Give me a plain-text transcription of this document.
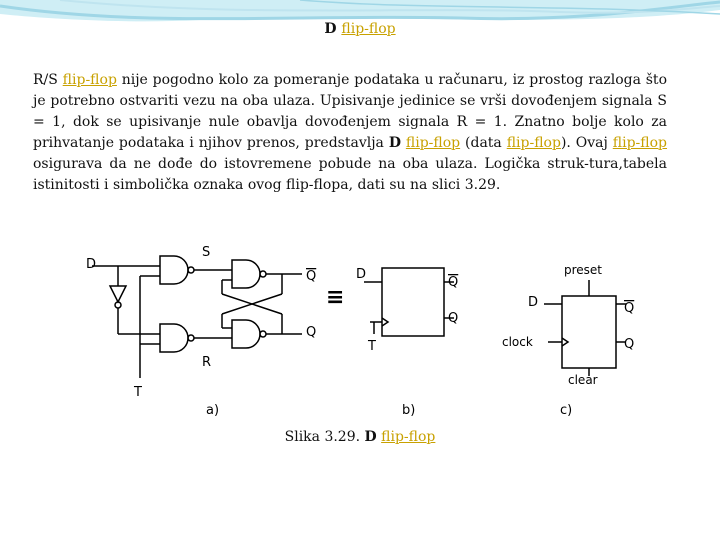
D flip-flop
R/S flip-flop nije pogodno kolo za pomeranje podataka u računaru, iz prostog razloga što je potrebno ostvariti vezu na oba ulaza. Upisivanje jedinice se vrši dovođenjem signala S = 1, dok se upisivanje nule obavlja dovođenjem signala R = 1. Znatno bolje kolo za prihvatanje podataka i njihov prenos, predstavlja D flip-flop (data flip-flop). Ovaj flip-flop osigurava da ne dođe do istovremene pobude na oba ulaza. Logička struk-tura,tabela istinitosti i simbolička oznaka ovog flip-flopa, dati su na slici 3.29.
≡
D
S
R
T
Q
Q
a)
D
Q
Q
T
b)
preset
D	Q
Q
clock
clear
c)
Slika 3.29. D flip-flop
